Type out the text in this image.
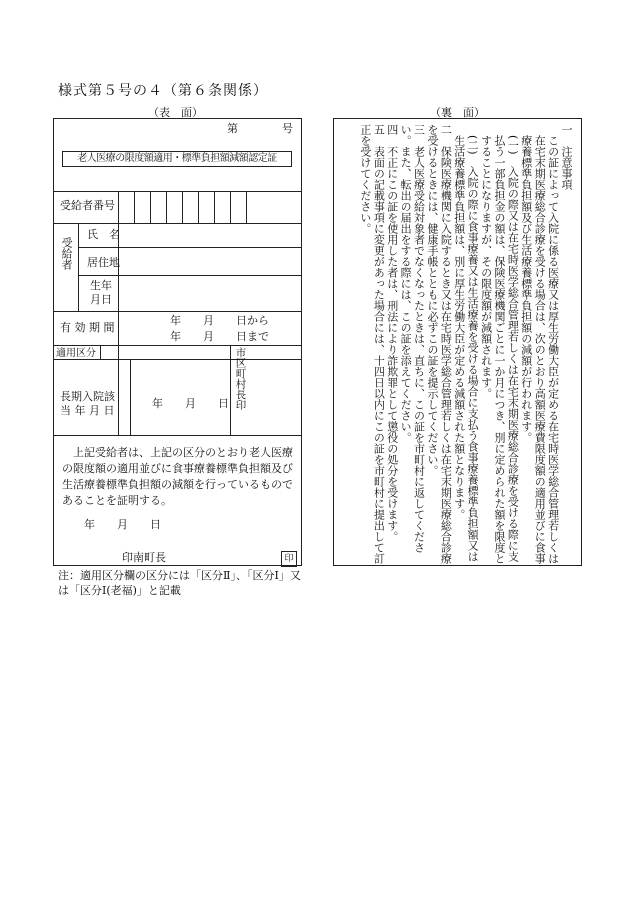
様式第５号の４（第６条関係）
（表　面）	（裏　面）
第　　　　号
老人医療の限度額適用・標準負担額減額認定証
受給者番号
受給者
氏　名
居住地
生年月日
有 効 期 間
年　　月　　日から
年　　月　　日まで
適用区分
長期入院該
当 年 月 日
年　　月　　日 市区町村長印
上記受給者は、上記の区分のとおり老人医療の限度額の適用並びに食事療養標準負担額及び生活療養標準負担額の減額を行っているものであることを証明する。
年　　月　　日
印南町長	印
注：適用区分欄の区分には「区分Ⅱ」、「区分Ⅰ」又は「区分Ⅰ(老福)」と記載

一　注意事項

この証によって入院に係る医療又は厚生労働大臣が定める在宅時医学総合管理若しくは在宅末期医療総合診療を受ける場合は、次のとおり高額医療費限度額の適用並びに食事療養標準負担額及び生活療養標準負担額の減額が行われます。

(一)　入院の際又は在宅時医学総合管理若しくは在宅末期医療総合診療を受ける際に支払う一部負担金の額は、保険医療機関ごとに一か月につき、別に定められた額を限度とすることになりますが、その限度額が減額されます。

(二)　入院の際に食事療養又は生活療養を受ける場合に支払う食事療養標準負担額又は生活療養標準負担額は、別に厚生労働大臣が定める減額された額となります。

二　保険医療機関に入院するとき又は在宅時医学総合管理若しくは在宅末期医療総合診療を受けるときには、健康手帳とともに必ずこの証を提示してください。

三　老人医療受給対象者でなくなったときは、直ちに、この証を市町村に返してください。また、転出の届出をする際には、この証を添えてください。

四　不正にこの証を使用した者は、刑法により詐欺罪として懲役の処分を受けます。

五　表面の記載事項に変更があった場合には、十四日以内にこの証を市町村に提出して訂正を受けてください。
